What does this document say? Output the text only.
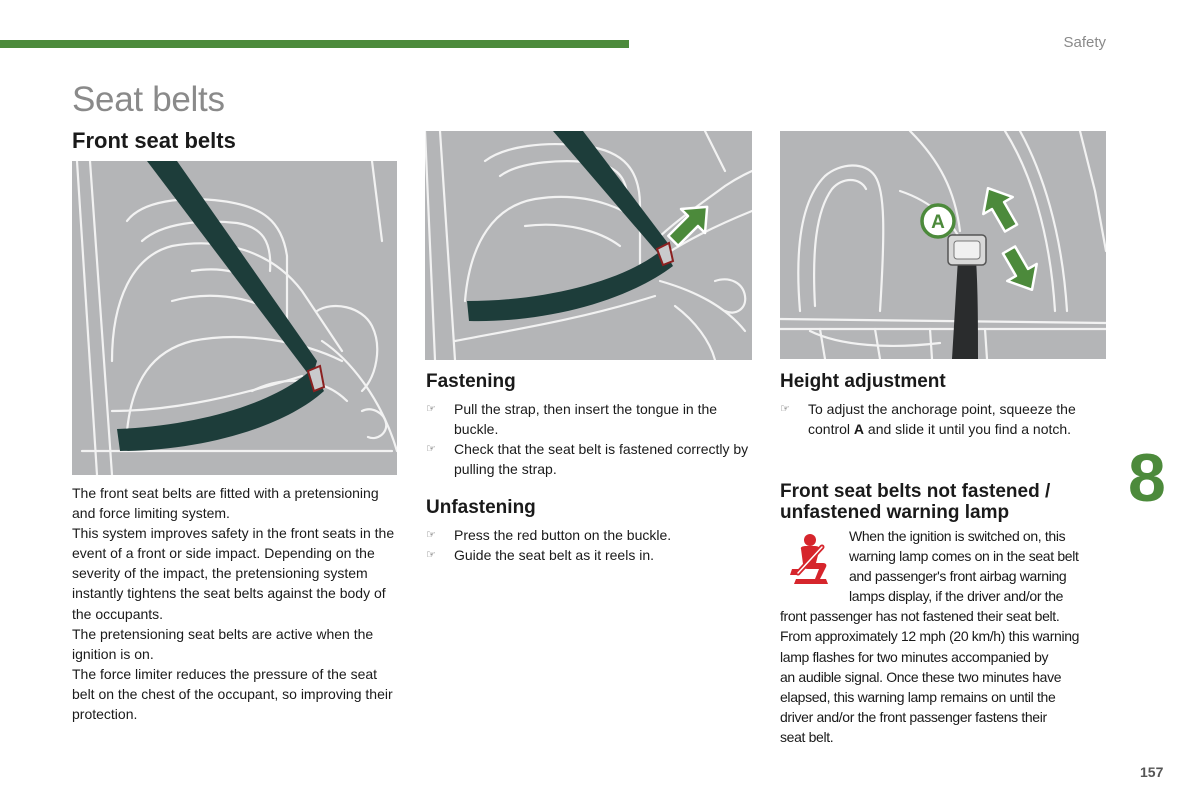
Safety
Seat belts
Front seat belts
A

The front seat belts are fitted with a pretensioning and force limiting system.

This system improves safety in the front seats in the event of a front or side impact. Depending on the severity of the impact, the pretensioning system instantly tightens the seat belts against the body of the occupants.

The pretensioning seat belts are active when the ignition is on.

The force limiter reduces the pressure of the seat belt on the chest of the occupant, so improving their protection.

Fastening
☞ Pull the strap, then insert the tongue in the buckle.
☞ Check that the seat belt is fastened correctly by pulling the strap.
Unfastening
☞ Press the red button on the buckle.
☞ Guide the seat belt as it reels in.
Height adjustment
☞ To adjust the anchorage point, squeeze the control A and slide it until you find a notch.
Front seat belts not fastened / unfastened warning lamp
When the ignition is switched on, this
warning lamp comes on in the seat belt
and passenger's front airbag warning
lamps display, if the driver and/or the
front passenger has not fastened their seat belt.
From approximately 12 mph (20 km/h) this warning
lamp flashes for two minutes accompanied by
an audible signal. Once these two minutes have
elapsed, this warning lamp remains on until the
driver and/or the front passenger fastens their
seat belt.
8
157
